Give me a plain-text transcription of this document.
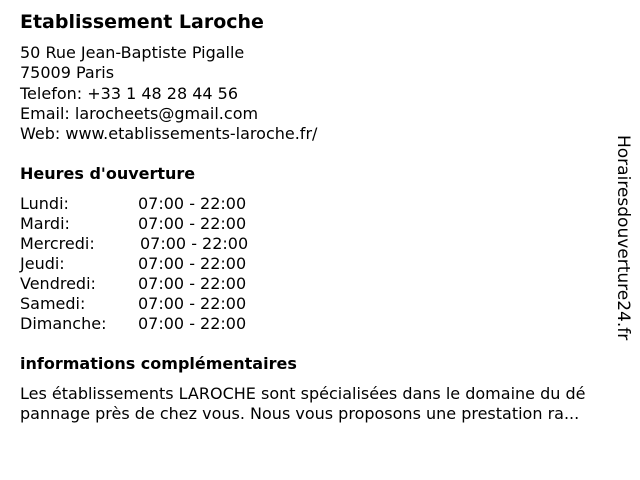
Etablissement Laroche
50 Rue Jean-Baptiste Pigalle
75009 Paris
Telefon: +33 1 48 28 44 56
Email: larocheets@gmail.com
Web: www.etablissements-laroche.fr/
Heures d'ouverture
Lundi:	07:00 - 22:00
Mardi:	07:00 - 22:00
Mercredi:	07:00 - 22:00
Jeudi:	07:00 - 22:00
Vendredi:	07:00 - 22:00
Samedi:	07:00 - 22:00
Dimanche: 07:00 - 22:00
informations complémentaires
Les établissements LAROCHE sont spécialisées dans le domaine du dé
pannage près de chez vous. Nous vous proposons une prestation ra...
Horairesdouverture24.fr
